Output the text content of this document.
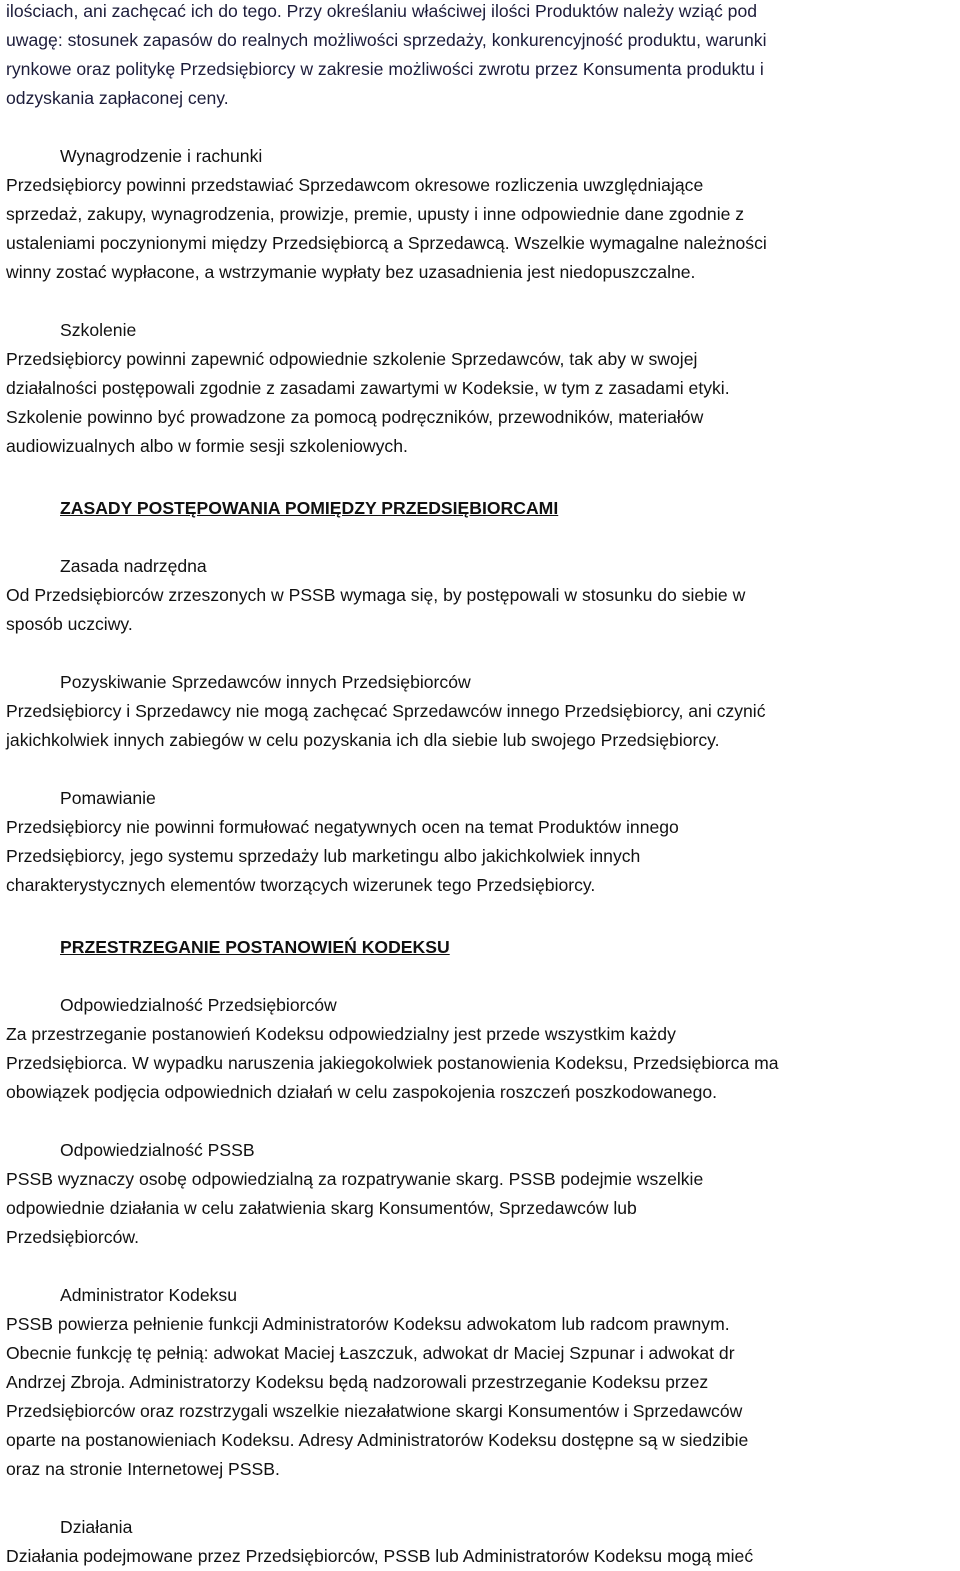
ilościach, ani zachęcać ich do tego. Przy określaniu właściwej ilości Produktów należy wziąć pod

uwagę: stosunek zapasów do realnych możliwości sprzedaży, konkurencyjność produktu, warunki

rynkowe oraz politykę Przedsiębiorcy w zakresie możliwości zwrotu przez Konsumenta produktu i

odzyskania zapłaconej ceny.

Wynagrodzenie i rachunki

Przedsiębiorcy powinni przedstawiać Sprzedawcom okresowe rozliczenia uwzględniające

sprzedaż, zakupy, wynagrodzenia, prowizje, premie, upusty i inne odpowiednie dane zgodnie z

ustaleniami poczynionymi między Przedsiębiorcą a Sprzedawcą. Wszelkie wymagalne należności

winny zostać wypłacone, a wstrzymanie wypłaty bez uzasadnienia jest niedopuszczalne.

Szkolenie

Przedsiębiorcy powinni zapewnić odpowiednie szkolenie Sprzedawców, tak aby w swojej

działalności postępowali zgodnie z zasadami zawartymi w Kodeksie, w tym z zasadami etyki.

Szkolenie powinno być prowadzone za pomocą podręczników, przewodników, materiałów

audiowizualnych albo w formie sesji szkoleniowych.

ZASADY POSTĘPOWANIA POMIĘDZY PRZEDSIĘBIORCAMI

Zasada nadrzędna

Od Przedsiębiorców zrzeszonych w PSSB wymaga się, by postępowali w stosunku do siebie w

sposób uczciwy.

Pozyskiwanie Sprzedawców innych Przedsiębiorców

Przedsiębiorcy i Sprzedawcy nie mogą zachęcać Sprzedawców innego Przedsiębiorcy, ani czynić

jakichkolwiek innych zabiegów w celu pozyskania ich dla siebie lub swojego Przedsiębiorcy.

Pomawianie

Przedsiębiorcy nie powinni formułować negatywnych ocen na temat Produktów innego

Przedsiębiorcy, jego systemu sprzedaży lub marketingu albo jakichkolwiek innych

charakterystycznych elementów tworzących wizerunek tego Przedsiębiorcy.

PRZESTRZEGANIE POSTANOWIEŃ KODEKSU

Odpowiedzialność Przedsiębiorców

Za przestrzeganie postanowień Kodeksu odpowiedzialny jest przede wszystkim każdy

Przedsiębiorca. W wypadku naruszenia jakiegokolwiek postanowienia Kodeksu, Przedsiębiorca ma

obowiązek podjęcia odpowiednich działań w celu zaspokojenia roszczeń poszkodowanego.

Odpowiedzialność PSSB

PSSB wyznaczy osobę odpowiedzialną za rozpatrywanie skarg. PSSB podejmie wszelkie

odpowiednie działania w celu załatwienia skarg Konsumentów, Sprzedawców lub

Przedsiębiorców.

Administrator Kodeksu

PSSB powierza pełnienie funkcji Administratorów Kodeksu adwokatom lub radcom prawnym.

Obecnie funkcję tę pełnią: adwokat Maciej Łaszczuk, adwokat dr Maciej Szpunar i adwokat dr

Andrzej Zbroja. Administratorzy Kodeksu będą nadzorowali przestrzeganie Kodeksu przez

Przedsiębiorców oraz rozstrzygali wszelkie niezałatwione skargi Konsumentów i Sprzedawców

oparte na postanowieniach Kodeksu. Adresy Administratorów Kodeksu dostępne są w siedzibie

oraz na stronie Internetowej PSSB.

Działania

Działania podejmowane przez Przedsiębiorców, PSSB lub Administratorów Kodeksu mogą mieć
